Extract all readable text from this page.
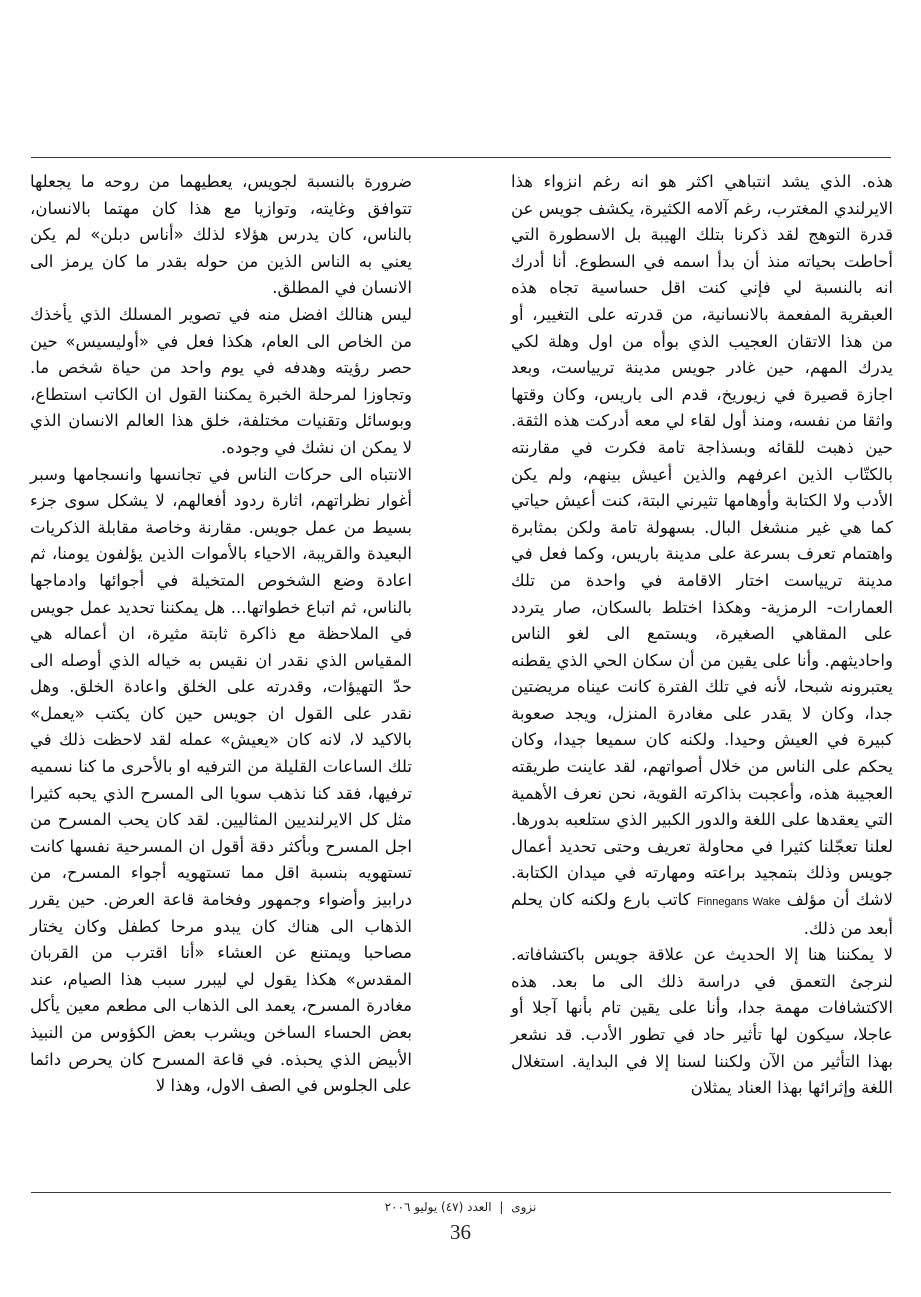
هذه. الذي يشد انتباهي اكثر هو انه رغم انزواء هذا الايرلندي المغترب، رغم آلامه الكثيرة، يكشف جويس عن قدرة التوهج لقد ذكرنا بتلك الهيبة بل الاسطورة التي أحاطت بحياته منذ أن بدأ اسمه في السطوع. أنا أدرك انه بالنسبة لي فإني كنت اقل حساسية تجاه هذه العبقرية المفعمة بالانسانية، من قدرته على التغيير، أو من هذا الاتقان العجيب الذي بوأه من اول وهلة لكي يدرك المهم، حين غادر جويس مدينة تريياست، وبعد اجازة قصيرة في زيوريخ، قدم الى باريس، وكان وقتها واثقا من نفسه، ومنذ أول لقاء لي معه أدركت هذه الثقة. حين ذهبت للقائه وبسذاجة تامة فكرت في مقارنته بالكتّاب الذين اعرفهم والذين أعيش بينهم، ولم يكن الأدب ولا الكتابة وأوهامها تثيرني البتة، كنت أعيش حياتي كما هي غير منشغل البال. بسهولة تامة ولكن بمثابرة واهتمام تعرف بسرعة على مدينة باريس، وكما فعل في مدينة تريياست اختار الاقامة في واحدة من تلك العمارات- الرمزية- وهكذا اختلط بالسكان، صار يتردد على المقاهي الصغيرة، ويستمع الى لغو الناس واحاديثهم. وأنا على يقين من أن سكان الحي الذي يقطنه يعتبرونه شبحا، لأنه في تلك الفترة كانت عيناه مريضتين جدا، وكان لا يقدر على مغادرة المنزل، ويجد صعوبة كبيرة في العيش وحيدا. ولكنه كان سميعا جيدا، وكان يحكم على الناس من خلال أصواتهم، لقد عاينت طريقته العجيبة هذه، وأعجبت بذاكرته القوية، نحن نعرف الأهمية التي يعقدها على اللغة والدور الكبير الذي ستلعبه بدورها. لعلنا تعجّلنا كثيرا في محاولة تعريف وحتى تحديد أعمال جويس وذلك بتمجيد براعته ومهارته في ميدان الكتابة. لاشك أن مؤلف Finnegans Wake كاتب بارع ولكنه كان يحلم أبعد من ذلك.

لا يمكننا هنا إلا الحديث عن علاقة جويس باكتشافاته. لنرجئ التعمق في دراسة ذلك الى ما بعد. هذه الاكتشافات مهمة جدا، وأنا على يقين تام بأنها آجلا أو عاجلا، سيكون لها تأثير حاد في تطور الأدب. قد نشعر بهذا التأثير من الآن ولكننا لسنا إلا في البداية. استغلال اللغة وإثرائها بهذا العناد يمثلان

ضرورة بالنسبة لجويس، يعطيهما من روحه ما يجعلها تتوافق وغايته، وتوازيا مع هذا كان مهتما بالانسان، بالناس، كان يدرس هؤلاء لذلك «أناس دبلن» لم يكن يعني به الناس الذين من حوله بقدر ما كان يرمز الى الانسان في المطلق.

ليس هنالك افضل منه في تصوير المسلك الذي يأخذك من الخاص الى العام، هكذا فعل في «أوليسيس» حين حصر رؤيته وهدفه في يوم واحد من حياة شخص ما. وتجاوزا لمرحلة الخبرة يمكننا القول ان الكاتب استطاع، وبوسائل وتقنيات مختلفة، خلق هذا العالم الانسان الذي لا يمكن ان نشك في وجوده.

الانتباه الى حركات الناس في تجانسها وانسجامها وسبر أغوار نظراتهم، اثارة ردود أفعالهم، لا يشكل سوى جزء بسيط من عمل جويس. مقارنة وخاصة مقابلة الذكريات البعيدة والقريبة، الاحياء بالأموات الذين يؤلفون يومنا، ثم اعادة وضع الشخوص المتخيلة في أجوائها وادماجها بالناس، ثم اتباع خطواتها... هل يمكننا تحديد عمل جويس في الملاحظة مع ذاكرة ثابتة مثيرة، ان أعماله هي المقياس الذي نقدر ان نقيس به خياله الذي أوصله الى حدّ التهيؤات، وقدرته على الخلق واعادة الخلق. وهل نقدر على القول ان جويس حين كان يكتب «يعمل» بالاكيد لا، لانه كان «يعيش» عمله لقد لاحظت ذلك في تلك الساعات القليلة من الترفيه او بالأحرى ما كنا نسميه ترفيها، فقد كنا نذهب سويا الى المسرح الذي يحبه كثيرا مثل كل الايرلنديين المثاليين. لقد كان يحب المسرح من اجل المسرح وبأكثر دقة أقول ان المسرحية نفسها كانت تستهويه بنسبة اقل مما تستهويه أجواء المسرح، من درابيز وأضواء وجمهور وفخامة قاعة العرض. حين يقرر الذهاب الى هناك كان يبدو مرحا كطفل وكان يختار مصاحبا ويمتنع عن العشاء «أنا اقترب من القربان المقدس» هكذا يقول لي ليبرر سبب هذا الصيام، عند مغادرة المسرح، يعمد الى الذهاب الى مطعم معين يأكل بعض الحساء الساخن ويشرب بعض الكؤوس من النبيذ الأبيض الذي يحبذه. في قاعة المسرح كان يحرص دائما على الجلوس في الصف الاول، وهذا لا

نزوى | العدد (٤٧) يوليو ٢٠٠٦
36
